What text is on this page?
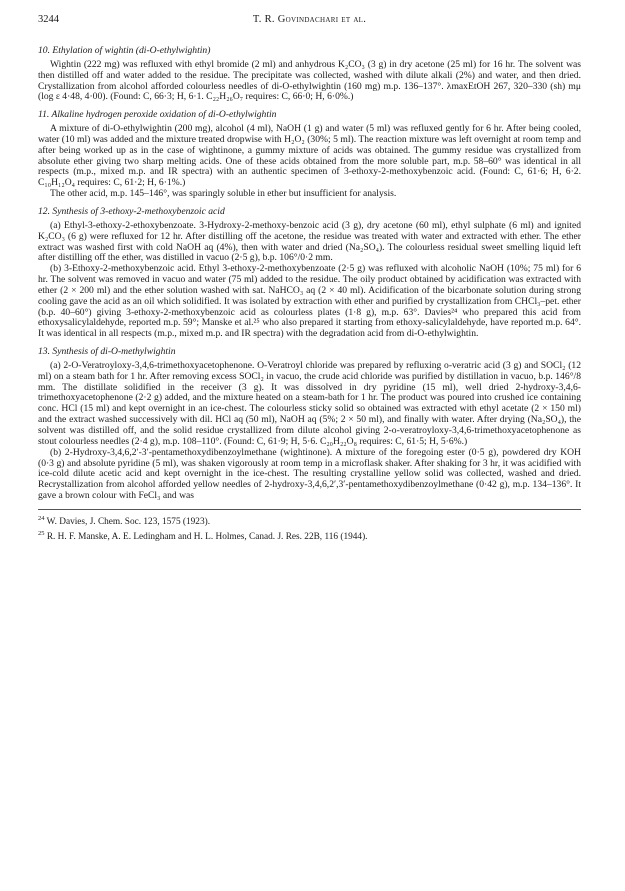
3244	T. R. Govindachari et al.
10. Ethylation of wightin (di-O-ethylwightin)

Wightin (222 mg) was refluxed with ethyl bromide (2 ml) and anhydrous K₂CO₃ (3 g) in dry acetone (25 ml) for 16 hr. The solvent was then distilled off and water added to the residue. The precipitate was collected, washed with dilute alkali (2%) and water, and then dried. Crystallization from alcohol afforded colourless needles of di-O-ethylwightin (160 mg) m.p. 136–137°. λmaxEtOH 267, 320–330 (sh) mμ (log ε 4·48, 4·00). (Found: C, 66·3; H, 6·1. C₂₂H₂₆O₇ requires: C, 66·0; H, 6·0%.)

11. Alkaline hydrogen peroxide oxidation of di-O-ethylwightin

A mixture of di-O-ethylwightin (200 mg), alcohol (4 ml), NaOH (1 g) and water (5 ml) was refluxed gently for 6 hr. After being cooled, water (10 ml) was added and the mixture treated dropwise with H₂O₂ (30%; 5 ml). The reaction mixture was left overnight at room temp and after being worked up as in the case of wightinone, a gummy mixture of acids was obtained. The gummy residue was crystallized from absolute ether giving two sharp melting acids. One of these acids obtained from the more soluble part, m.p. 58–60° was identical in all respects (m.p., mixed m.p. and IR spectra) with an authentic specimen of 3-ethoxy-2-methoxybenzoic acid. (Found: C, 61·6; H, 6·2. C₁₀H₁₂O₄ requires: C, 61·2; H, 6·1%.)

The other acid, m.p. 145–146°, was sparingly soluble in ether but insufficient for analysis.

12. Synthesis of 3-ethoxy-2-methoxybenzoic acid

(a) Ethyl-3-ethoxy-2-ethoxybenzoate. 3-Hydroxy-2-methoxy-benzoic acid (3 g), dry acetone (60 ml), ethyl sulphate (6 ml) and ignited K₂CO₃ (6 g) were refluxed for 12 hr. After distilling off the acetone, the residue was treated with water and extracted with ether. The ether extract was washed first with cold NaOH aq (4%), then with water and dried (Na₂SO₄). The colourless residual sweet smelling liquid left after distilling off the ether, was distilled in vacuo (2·5 g), b.p. 106°/0·2 mm.

(b) 3-Ethoxy-2-methoxybenzoic acid. Ethyl 3-ethoxy-2-methoxybenzoate (2·5 g) was refluxed with alcoholic NaOH (10%; 75 ml) for 6 hr. The solvent was removed in vacuo and water (75 ml) added to the residue. The oily product obtained by acidification was extracted with ether (2 × 200 ml) and the ether solution washed with sat. NaHCO₃ aq (2 × 40 ml). Acidification of the bicarbonate solution during strong cooling gave the acid as an oil which solidified. It was isolated by extraction with ether and purified by crystallization from CHCl₃–pet. ether (b.p. 40–60°) giving 3-ethoxy-2-methoxybenzoic acid as colourless plates (1·8 g), m.p. 63°. Davies²⁴ who prepared this acid from ethoxysalicylaldehyde, reported m.p. 59°; Manske et al.²⁵ who also prepared it starting from ethoxy-salicylaldehyde, have reported m.p. 64°. It was identical in all respects (m.p., mixed m.p. and IR spectra) with the degradation acid from di-O-ethylwightin.

13. Synthesis of di-O-methylwightin

(a) 2-O-Veratroyloxy-3,4,6-trimethoxyacetophenone. O-Veratroyl chloride was prepared by refluxing o-veratric acid (3 g) and SOCl₂ (12 ml) on a steam bath for 1 hr. After removing excess SOCl₂ in vacuo, the crude acid chloride was purified by distillation in vacuo, b.p. 146°/8 mm. The distillate solidified in the receiver (3 g). It was dissolved in dry pyridine (15 ml), well dried 2-hydroxy-3,4,6-trimethoxyacetophenone (2·2 g) added, and the mixture heated on a steam-bath for 1 hr. The product was poured into crushed ice containing conc. HCl (15 ml) and kept overnight in an ice-chest. The colourless sticky solid so obtained was extracted with ethyl acetate (2 × 150 ml) and the extract washed successively with dil. HCl aq (50 ml), NaOH aq (5%; 2 × 50 ml), and finally with water. After drying (Na₂SO₄), the solvent was distilled off, and the solid residue crystallized from dilute alcohol giving 2-o-veratroyloxy-3,4,6-trimethoxyacetophenone as stout colourless needles (2·4 g), m.p. 108–110°. (Found: C, 61·9; H, 5·6. C₂₀H₂₂O₈ requires: C, 61·5; H, 5·6%.)

(b) 2-Hydroxy-3,4,6,2′-3′-pentamethoxydibenzoylmethane (wightinone). A mixture of the foregoing ester (0·5 g), powdered dry KOH (0·3 g) and absolute pyridine (5 ml), was shaken vigorously at room temp in a microflask shaker. After shaking for 3 hr, it was acidified with ice-cold dilute acetic acid and kept overnight in the ice-chest. The resulting crystalline yellow solid was collected, washed and dried. Recrystallization from alcohol afforded yellow needles of 2-hydroxy-3,4,6,2′,3′-pentamethoxydibenzoylmethane (0·42 g), m.p. 134–136°. It gave a brown colour with FeCl₃ and was

$^{24}$ W. Davies, J. Chem. Soc. 123, 1575 (1923).
$^{25}$ R. H. F. Manske, A. E. Ledingham and H. L. Holmes, Canad. J. Res. 22B, 116 (1944).
